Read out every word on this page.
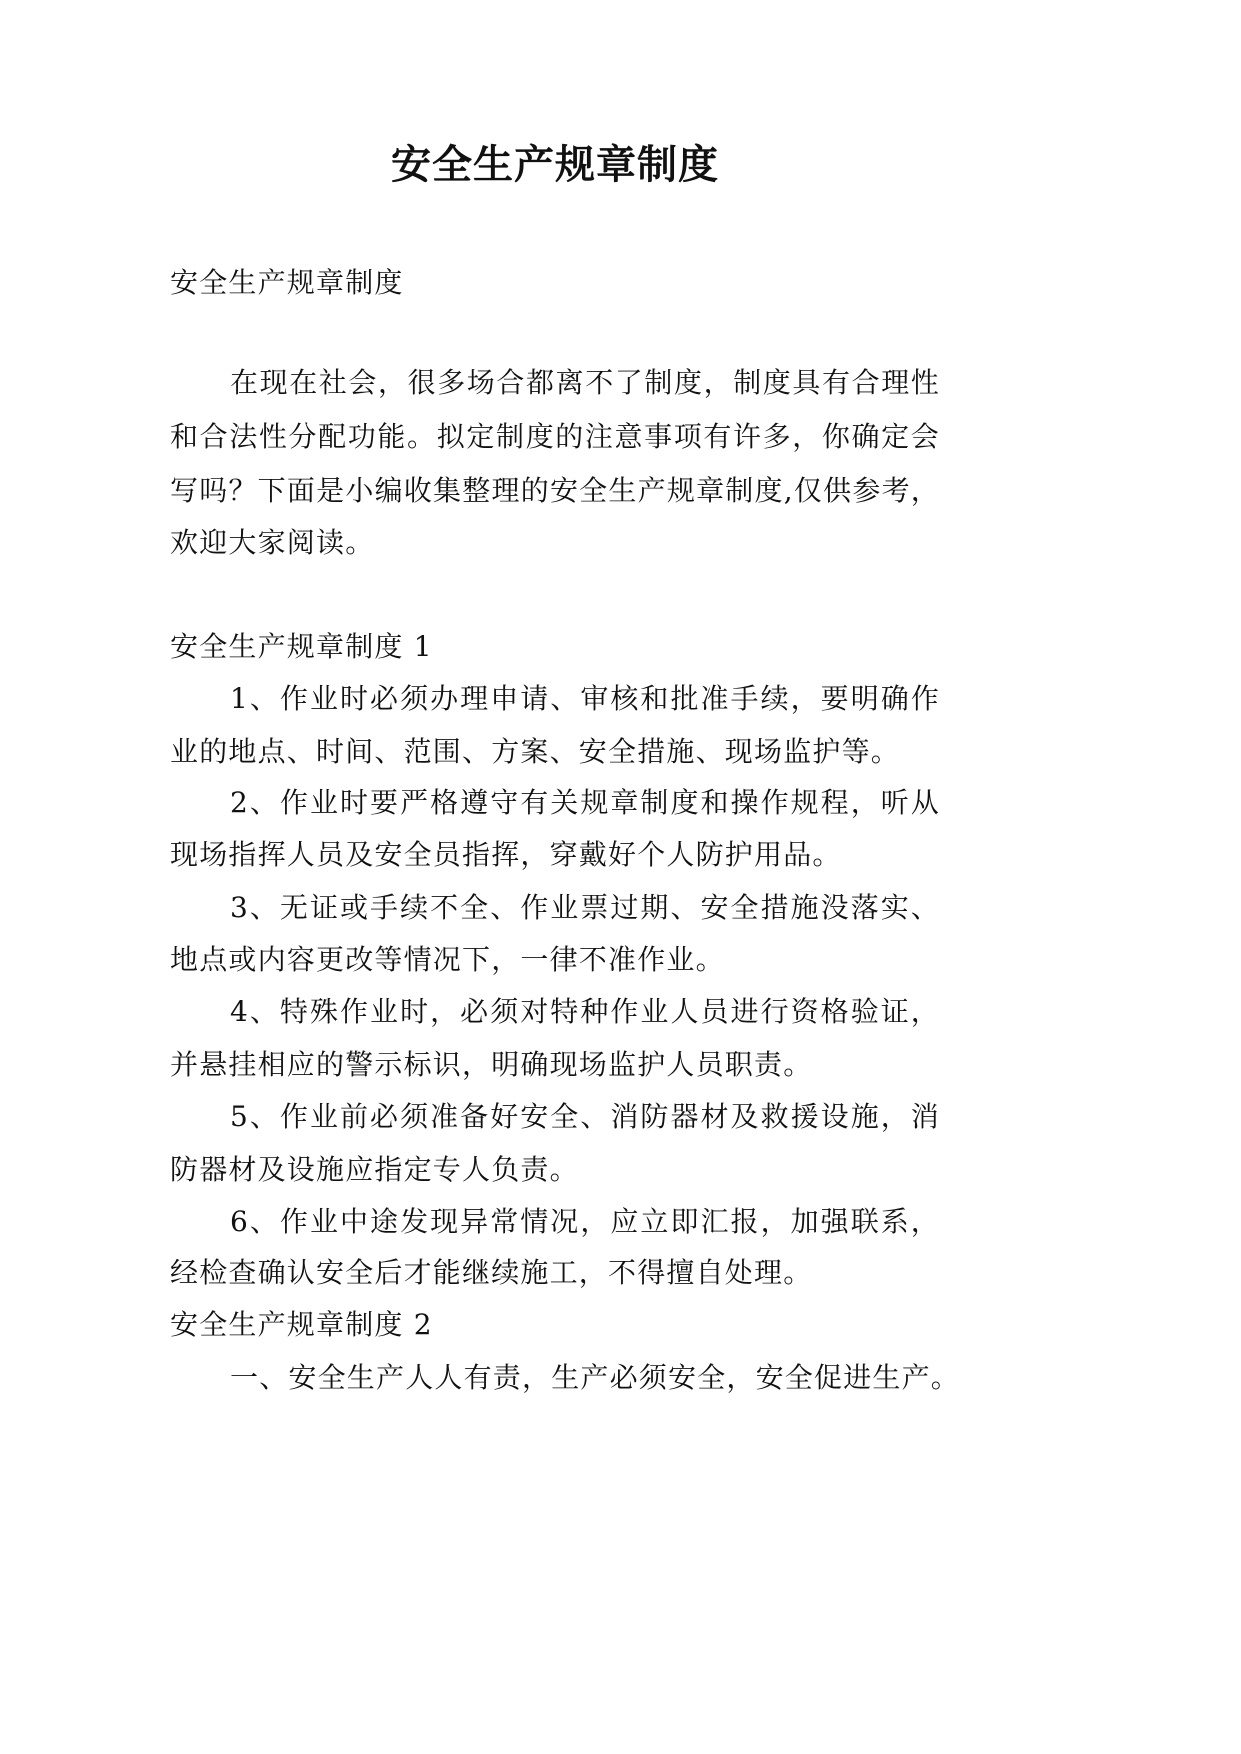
安全生产规章制度
安全生产规章制度
在现在社会，很多场合都离不了制度，制度具有合理性
和合法性分配功能。拟定制度的注意事项有许多，你确定会
写吗？下面是小编收集整理的安全生产规章制度,仅供参考，
欢迎大家阅读。
安全生产规章制度 1
1、作业时必须办理申请、审核和批准手续，要明确作
业的地点、时间、范围、方案、安全措施、现场监护等。
2、作业时要严格遵守有关规章制度和操作规程，听从
现场指挥人员及安全员指挥，穿戴好个人防护用品。
3、无证或手续不全、作业票过期、安全措施没落实、
地点或内容更改等情况下，一律不准作业。
4、特殊作业时，必须对特种作业人员进行资格验证，
并悬挂相应的警示标识，明确现场监护人员职责。
5、作业前必须准备好安全、消防器材及救援设施，消
防器材及设施应指定专人负责。
6、作业中途发现异常情况，应立即汇报，加强联系，
经检查确认安全后才能继续施工，不得擅自处理。
安全生产规章制度 2
一、安全生产人人有责，生产必须安全，安全促进生产。
